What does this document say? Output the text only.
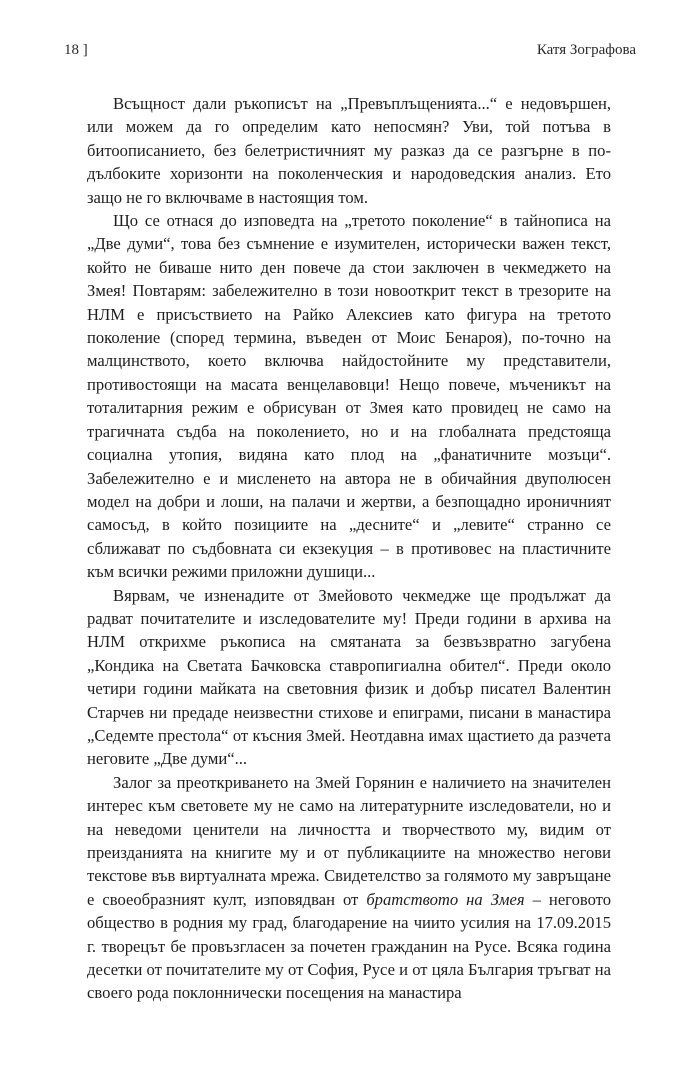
18 ]	Катя Зографова

Всъщност дали ръкописът на „Превъплъщенията...“ е недовършен, или можем да го определим като непосмян? Уви, той потъва в битоописанието, без белетристичният му разказ да се разгърне в по-дълбоките хоризонти на поколенческия и народоведския анализ. Ето защо не го включваме в настоящия том.

Що се отнася до изповедта на „третото поколение“ в тайнописа на „Две думи“, това без съмнение е изумителен, исторически важен текст, който не биваше нито ден повече да стои заключен в чекмеджето на Змея! Повтарям: забележително в този новооткрит текст в трезорите на НЛМ е присъствието на Райко Алексиев като фигура на третото поколение (според термина, въведен от Моис Бенароя), по-точно на малцинството, което включва найдостойните му представители, противостоящи на масата венцелавовци! Нещо повече, мъченикът на тоталитарния режим е обрисуван от Змея като провидец не само на трагичната съдба на поколението, но и на глобалната предстояща социална утопия, видяна като плод на „фанатичните мозъци“. Забележително е и мисленето на автора не в обичайния двуполюсен модел на добри и лоши, на палачи и жертви, а безпощадно ироничният самосъд, в който позициите на „десните“ и „левите“ странно се сближават по съдбовната си екзекуция – в противовес на пластичните към всички режими приложни душици...

Вярвам, че изненадите от Змейовото чекмедже ще продължат да радват почитателите и изследователите му! Преди години в архива на НЛМ открихме ръкописа на смятаната за безвъзвратно загубена „Кондика на Светата Бачковска ставропигиална обител“. Преди около четири години майката на световния физик и добър писател Валентин Старчев ни предаде неизвестни стихове и епиграми, писани в манастира „Седемте престола“ от късния Змей. Неотдавна имах щастието да разчета неговите „Две думи“...

Залог за преоткриването на Змей Горянин е наличието на значителен интерес към световете му не само на литературните изследователи, но и на неведоми ценители на личността и творчеството му, видим от преизданията на книгите му и от публикациите на множество негови текстове във виртуалната мрежа. Свидетелство за голямото му завръщане е своеобразният култ, изповядван от братството на Змея – неговото общество в родния му град, благодарение на чиито усилия на 17.09.2015 г. творецът бе провъзгласен за почетен гражданин на Русе. Всяка година десетки от почитателите му от София, Русе и от цяла България тръгват на своего рода поклоннически посещения на манастира
